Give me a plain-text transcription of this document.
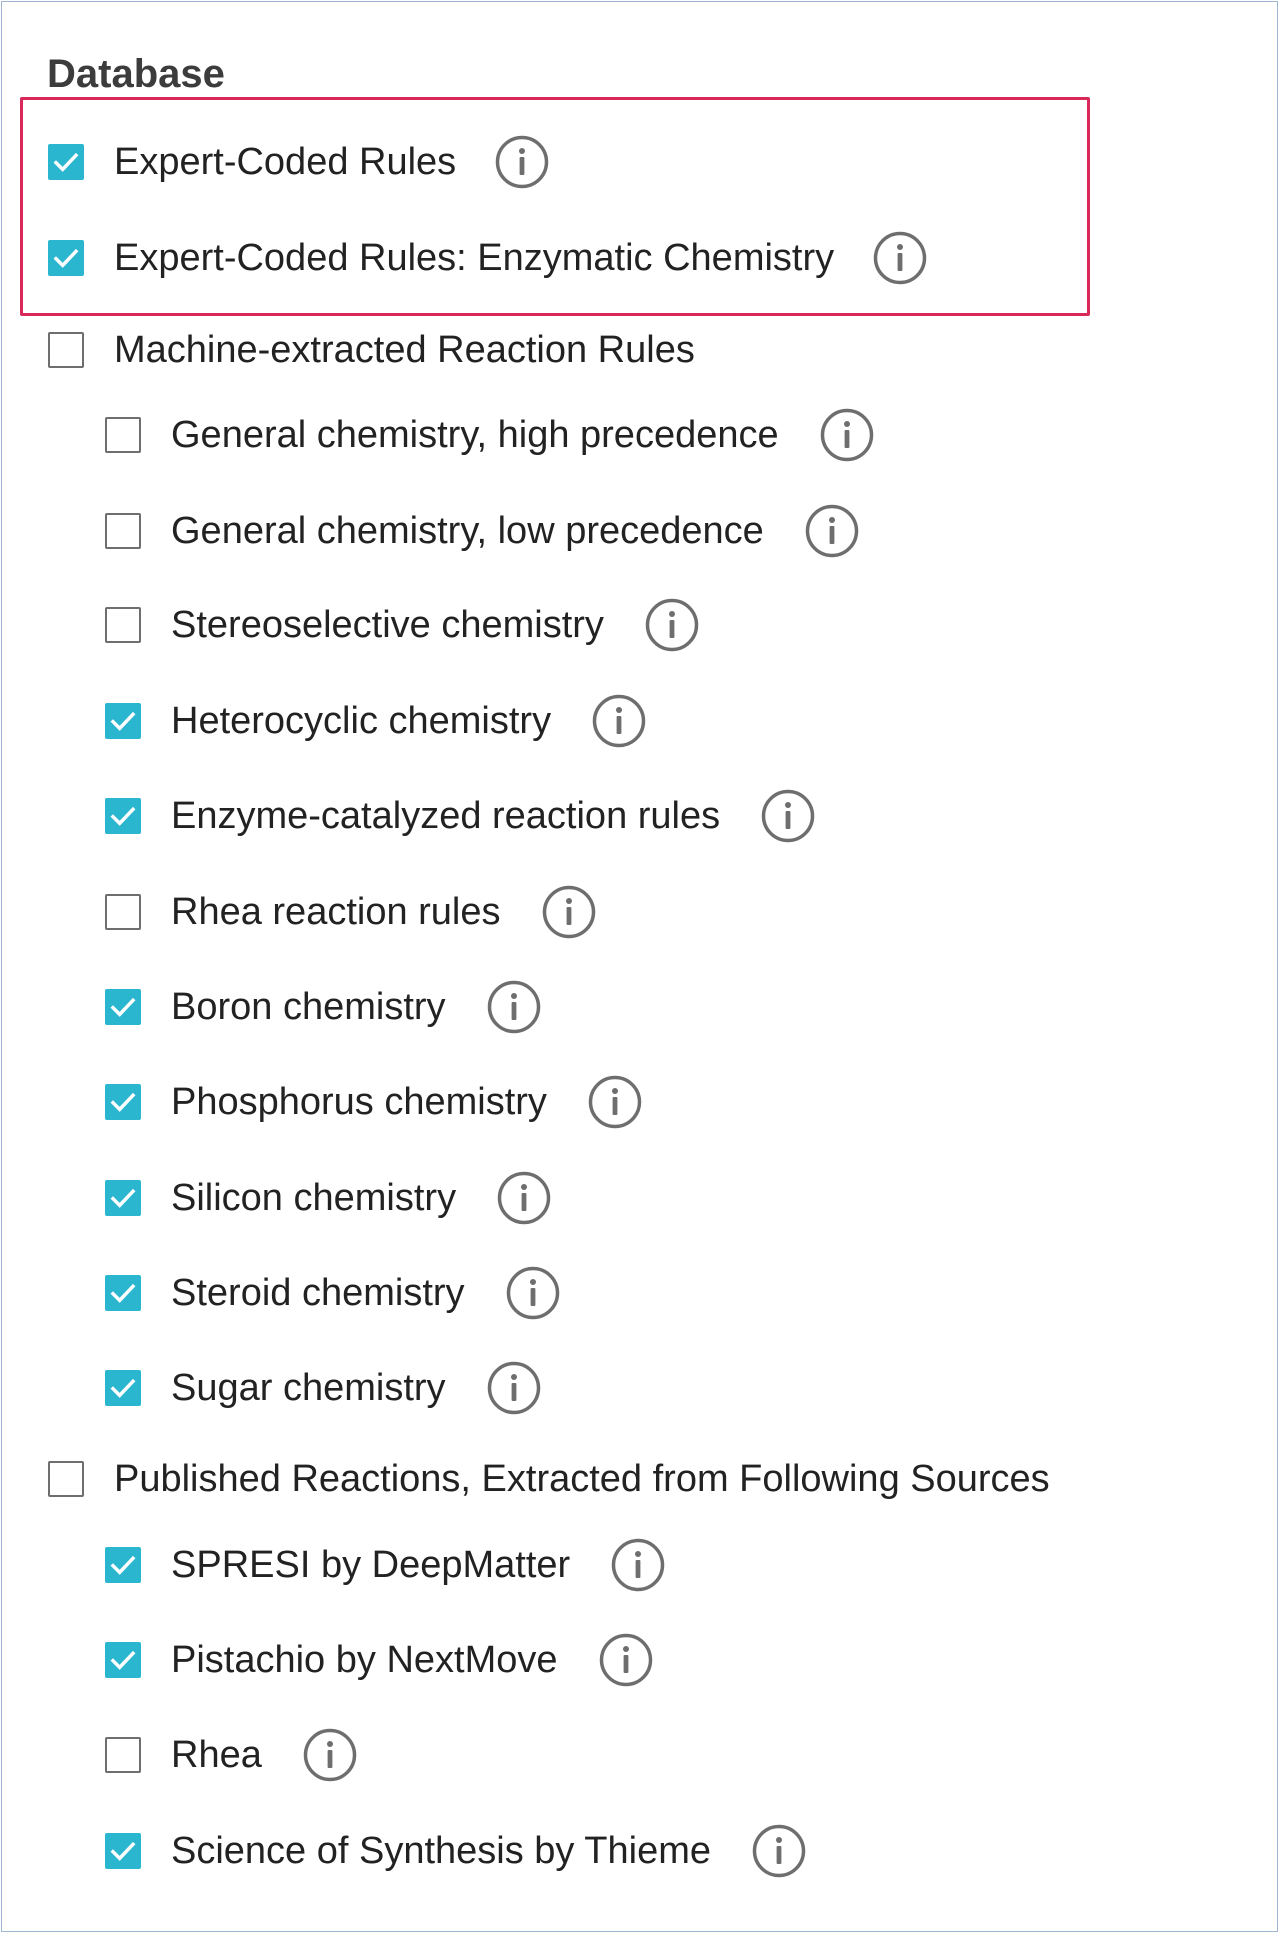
Database
Expert-Coded Rules
Expert-Coded Rules: Enzymatic Chemistry
Machine-extracted Reaction Rules
General chemistry, high precedence
General chemistry, low precedence
Stereoselective chemistry
Heterocyclic chemistry
Enzyme-catalyzed reaction rules
Rhea reaction rules
Boron chemistry
Phosphorus chemistry
Silicon chemistry
Steroid chemistry
Sugar chemistry
Published Reactions, Extracted from Following Sources
SPRESI by DeepMatter
Pistachio by NextMove
Rhea
Science of Synthesis by Thieme
